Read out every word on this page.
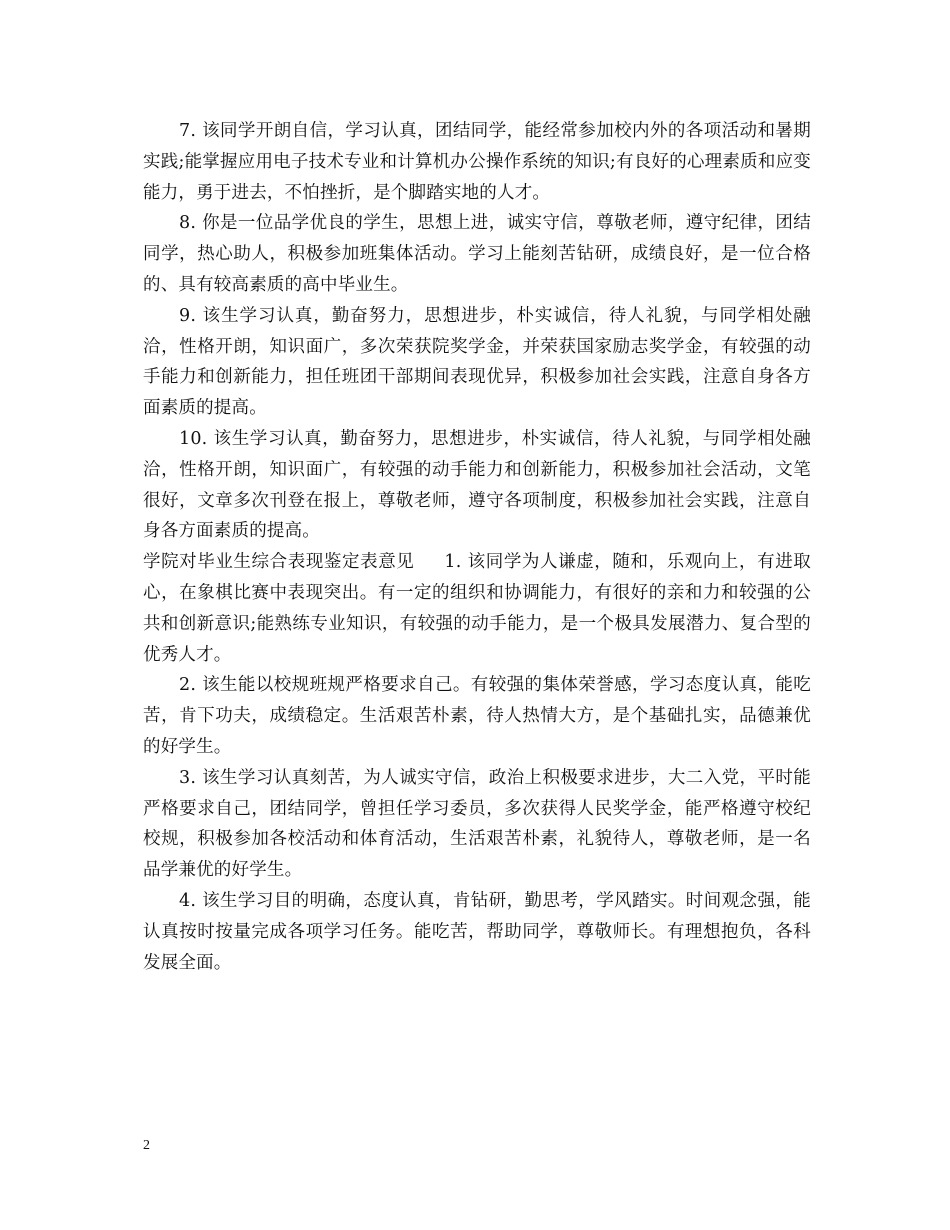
7. 该同学开朗自信，学习认真，团结同学，能经常参加校内外的各项活动和暑期实践;能掌握应用电子技术专业和计算机办公操作系统的知识;有良好的心理素质和应变能力，勇于进去，不怕挫折，是个脚踏实地的人才。

8. 你是一位品学优良的学生，思想上进，诚实守信，尊敬老师，遵守纪律，团结同学，热心助人，积极参加班集体活动。学习上能刻苦钻研，成绩良好，是一位合格的、具有较高素质的高中毕业生。

9. 该生学习认真，勤奋努力，思想进步，朴实诚信，待人礼貌，与同学相处融洽，性格开朗，知识面广，多次荣获院奖学金，并荣获国家励志奖学金，有较强的动手能力和创新能力，担任班团干部期间表现优异，积极参加社会实践，注意自身各方面素质的提高。

10. 该生学习认真，勤奋努力，思想进步，朴实诚信，待人礼貌，与同学相处融洽，性格开朗，知识面广，有较强的动手能力和创新能力，积极参加社会活动，文笔很好，文章多次刊登在报上，尊敬老师，遵守各项制度，积极参加社会实践，注意自身各方面素质的提高。

学院对毕业生综合表现鉴定表意见 1. 该同学为人谦虚，随和，乐观向上，有进取心，在象棋比赛中表现突出。有一定的组织和协调能力，有很好的亲和力和较强的公共和创新意识;能熟练专业知识，有较强的动手能力，是一个极具发展潜力、复合型的优秀人才。

2. 该生能以校规班规严格要求自己。有较强的集体荣誉感，学习态度认真，能吃苦，肯下功夫，成绩稳定。生活艰苦朴素，待人热情大方，是个基础扎实，品德兼优的好学生。

3. 该生学习认真刻苦，为人诚实守信，政治上积极要求进步，大二入党，平时能严格要求自己，团结同学，曾担任学习委员，多次获得人民奖学金，能严格遵守校纪校规，积极参加各校活动和体育活动，生活艰苦朴素，礼貌待人，尊敬老师，是一名品学兼优的好学生。

4. 该生学习目的明确，态度认真，肯钻研，勤思考，学风踏实。时间观念强，能认真按时按量完成各项学习任务。能吃苦，帮助同学，尊敬师长。有理想抱负，各科发展全面。

2
